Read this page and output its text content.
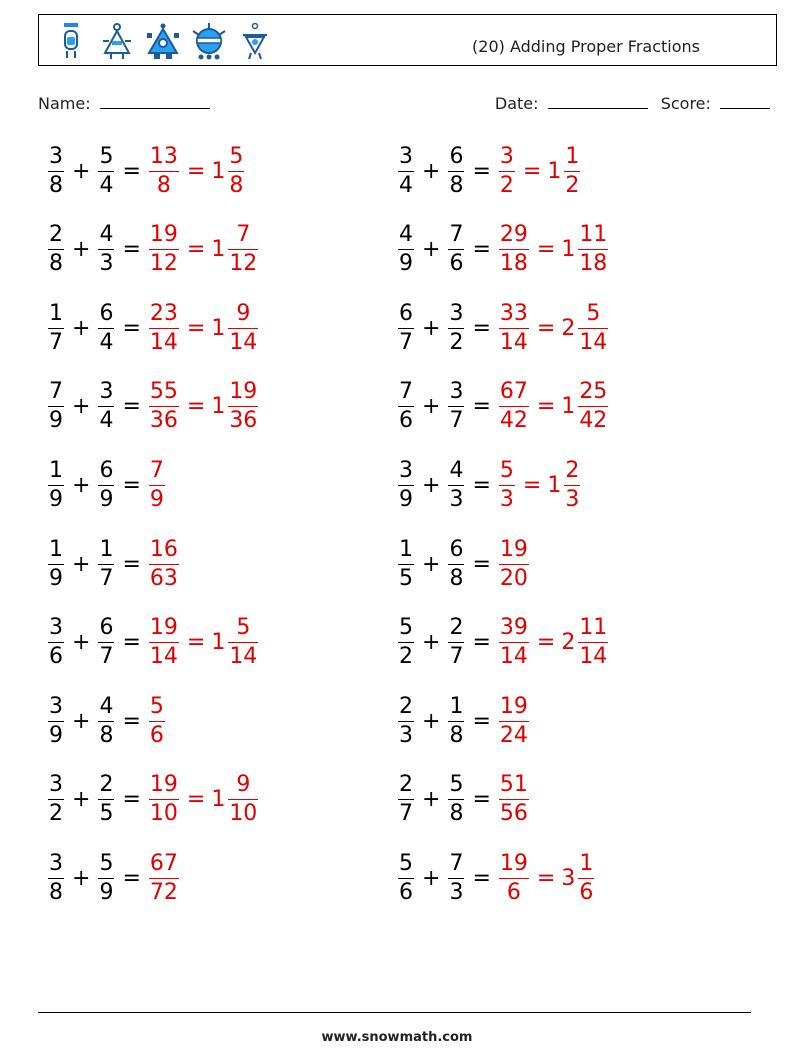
(20) Adding Proper Fractions
Name:	Date:	Score:
$\frac{3}{8} + \frac{5}{4} = \frac{13}{8} = 1 \frac{5}{8}$	$\frac{3}{4} + \frac{6}{8} = \frac{3}{2} = 1 \frac{1}{2}$
$\frac{2}{8} + \frac{4}{3} = \frac{19}{12} = 1 \frac{7}{12}$	$\frac{4}{9} + \frac{7}{6} = \frac{29}{18} = 1 \frac{11}{18}$
$\frac{1}{7} + \frac{6}{4} = \frac{23}{14} = 1 \frac{9}{14}$	$\frac{6}{7} + \frac{3}{2} = \frac{33}{14} = 2 \frac{5}{14}$
$\frac{7}{9} + \frac{3}{4} = \frac{55}{36} = 1 \frac{19}{36}$	$\frac{7}{6} + \frac{3}{7} = \frac{67}{42} = 1 \frac{25}{42}$
$\frac{1}{9} + \frac{6}{9} = \frac{7}{9}$	$\frac{3}{9} + \frac{4}{3} = \frac{5}{3} = 1 \frac{2}{3}$
$\frac{1}{9} + \frac{1}{7} = \frac{16}{63}$	$\frac{1}{5} + \frac{6}{8} = \frac{19}{20}$
$\frac{3}{6} + \frac{6}{7} = \frac{19}{14} = 1 \frac{5}{14}$	$\frac{5}{2} + \frac{2}{7} = \frac{39}{14} = 2 \frac{11}{14}$
$\frac{3}{9} + \frac{4}{8} = \frac{5}{6}$	$\frac{2}{3} + \frac{1}{8} = \frac{19}{24}$
$\frac{3}{2} + \frac{2}{5} = \frac{19}{10} = 1 \frac{9}{10}$	$\frac{2}{7} + \frac{5}{8} = \frac{51}{56}$
$\frac{3}{8} + \frac{5}{9} = \frac{67}{72}$	$\frac{5}{6} + \frac{7}{3} = \frac{19}{6} = 3 \frac{1}{6}$
www.snowmath.com
